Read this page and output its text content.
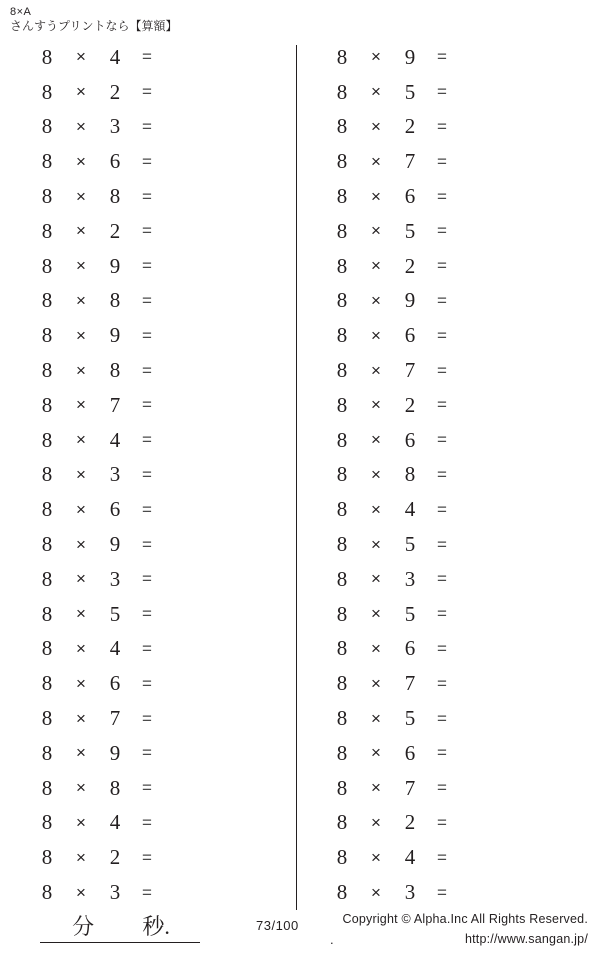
8×A
さんすうプリントなら【算額】
8	×	4	=
8	×	2	=
8	×	3	=
8	×	6	=
8	×	8	=
8	×	2	=
8	×	9	=
8	×	8	=
8	×	9	=
8	×	8	=
8	×	7	=
8	×	4	=
8	×	3	=
8	×	6	=
8	×	9	=
8	×	3	=
8	×	5	=
8	×	4	=
8	×	6	=
8	×	7	=
8	×	9	=
8	×	8	=
8	×	4	=
8	×	2	=
8	×	3	=
8	×	9	=
8	×	5	=
8	×	2	=
8	×	7	=
8	×	6	=
8	×	5	=
8	×	2	=
8	×	9	=
8	×	6	=
8	×	7	=
8	×	2	=
8	×	6	=
8	×	8	=
8	×	4	=
8	×	5	=
8	×	3	=
8	×	5	=
8	×	6	=
8	×	7	=
8	×	5	=
8	×	6	=
8	×	7	=
8	×	2	=
8	×	4	=
8	×	3	=
分 秒.	73/100
.
Copyright © Alpha.Inc All Rights Reserved.
http://www.sangan.jp/
